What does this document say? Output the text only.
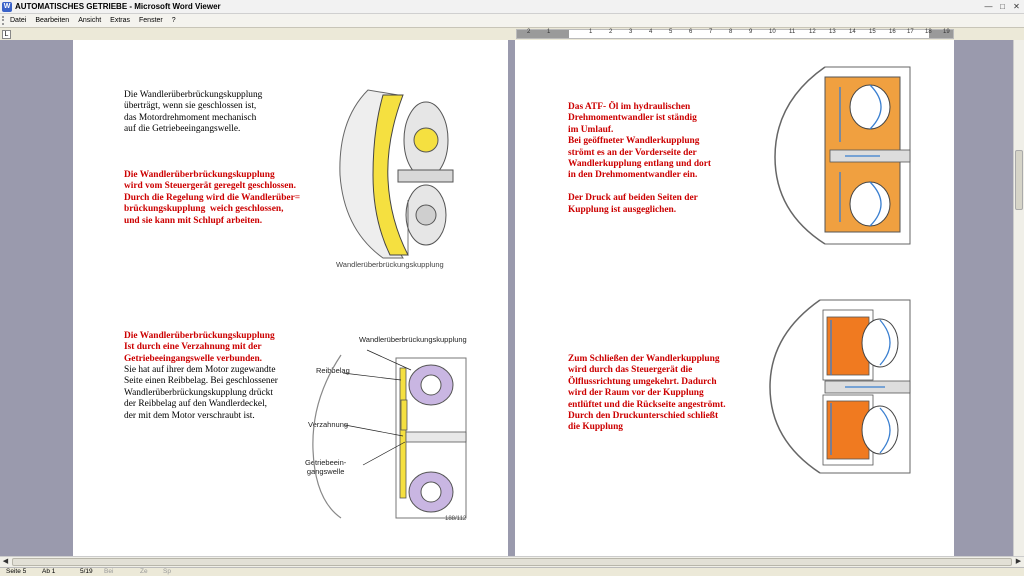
W AUTOMATISCHES GETRIEBE - Microsoft Word Viewer	— □	✕
Datei Bearbeiten Ansicht Extras Fenster ?
L	2	1	1	2	3	4	5	6	7	8	9	10 11 12 13 14 15 16 17 18 19
Die Wandlerüberbrückungskupplung
überträgt, wenn sie geschlossen ist,
das Motordrehmoment mechanisch
auf die Getriebeeingangswelle.
Die Wandlerüberbrückungskupplung
wird vom Steuergerät geregelt geschlossen.
Durch die Regelung wird die Wandlerüber=
brückungskupplung  weich geschlossen,
und sie kann mit Schlupf arbeiten.
Wandlerüberbrückungskupplung
Die Wandlerüberbrückungskupplung
Ist durch eine Verzahnung mit der
Getriebeeingangswelle verbunden.
Sie hat auf ihrer dem Motor zugewandte
Seite einen Reibbelag. Bei geschlossener
Wandlerüberbrückungskupplung drückt
der Reibbelag auf den Wandlerdeckel,
der mit dem Motor verschraubt ist.
Wandlerüberbrückungskupplung
Reibbelag
Verzahnung
Getriebeein-
gangswelle
188/112
Das ATF- Öl im hydraulischen
Drehmomentwandler ist ständig
im Umlauf.
Bei geöffneter Wandlerkupplung
strömt es an der Vorderseite der
Wandlerkupplung entlang und dort
in den Drehmomentwandler ein.

Der Druck auf beiden Seiten der
Kupplung ist ausgeglichen.
Zum Schließen der Wandlerkupplung
wird durch das Steuergerät die
Ölflussrichtung umgekehrt. Dadurch
wird der Raum vor der Kupplung
entlüftet und die Rückseite angeströmt.
Durch den Druckunterschied schließt
die Kupplung
◀	▶
Seite 5 Ab 1	5/19 Bei	Ze Sp
